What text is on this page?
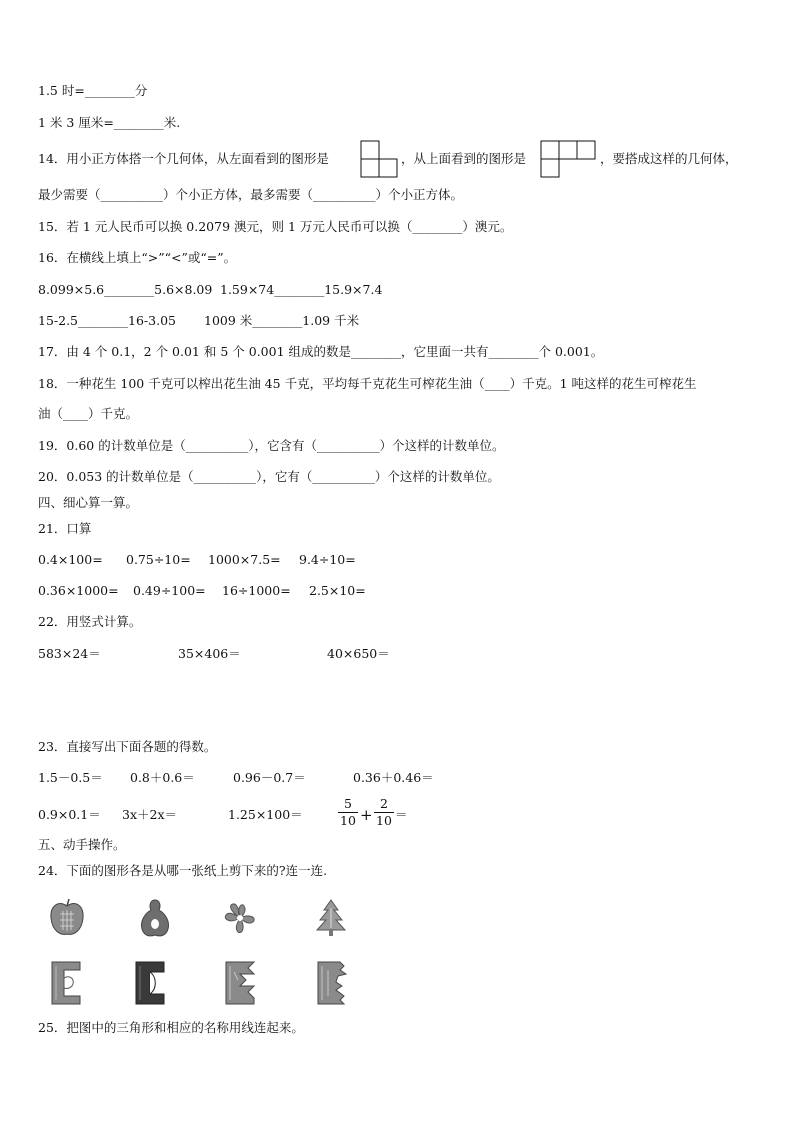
1.5 时=________分
1 米 3 厘米=________米.
14．用小正方体搭一个几何体，从左面看到的图形是	，从上面看到的图形是	，要搭成这样的几何体，
最少需要（__________）个小正方体，最多需要（__________）个小正方体。
15．若 1 元人民币可以换 0.2079 澳元，则 1 万元人民币可以换（________）澳元。
16．在横线上填上“>”“<”或“=”。
8.099×5.6________5.6×8.09 1.59×74________15.9×7.4
15-2.5________16-3.05 1009 米________1.09 千米
17．由 4 个 0.1，2 个 0.01 和 5 个 0.001 组成的数是________，它里面一共有________个 0.001。
18．一种花生 100 千克可以榨出花生油 45 千克，平均每千克花生可榨花生油（____）千克。1 吨这样的花生可榨花生
油（____）千克。
19．0.60 的计数单位是（__________），它含有（__________）个这样的计数单位。
20．0.053 的计数单位是（__________），它有（__________）个这样的计数单位。
四、细心算一算。
21．口算
0.4×100= 0.75÷10= 1000×7.5= 9.4÷10=
0.36×1000= 0.49÷100= 16÷1000= 2.5×10=
22．用竖式计算。
583×24＝	35×406＝	40×650＝
23．直接写出下面各题的得数。
1.5－0.5＝ 0.8＋0.6＝	0.96－0.7＝	0.36＋0.46＝
0.9×0.1＝ 3x＋2x＝	1.25×100＝	$\frac{5}{10} + \frac{2}{10}$ ＝
五、动手操作。
24．下面的图形各是从哪一张纸上剪下来的?连一连.
25．把图中的三角形和相应的名称用线连起来。
